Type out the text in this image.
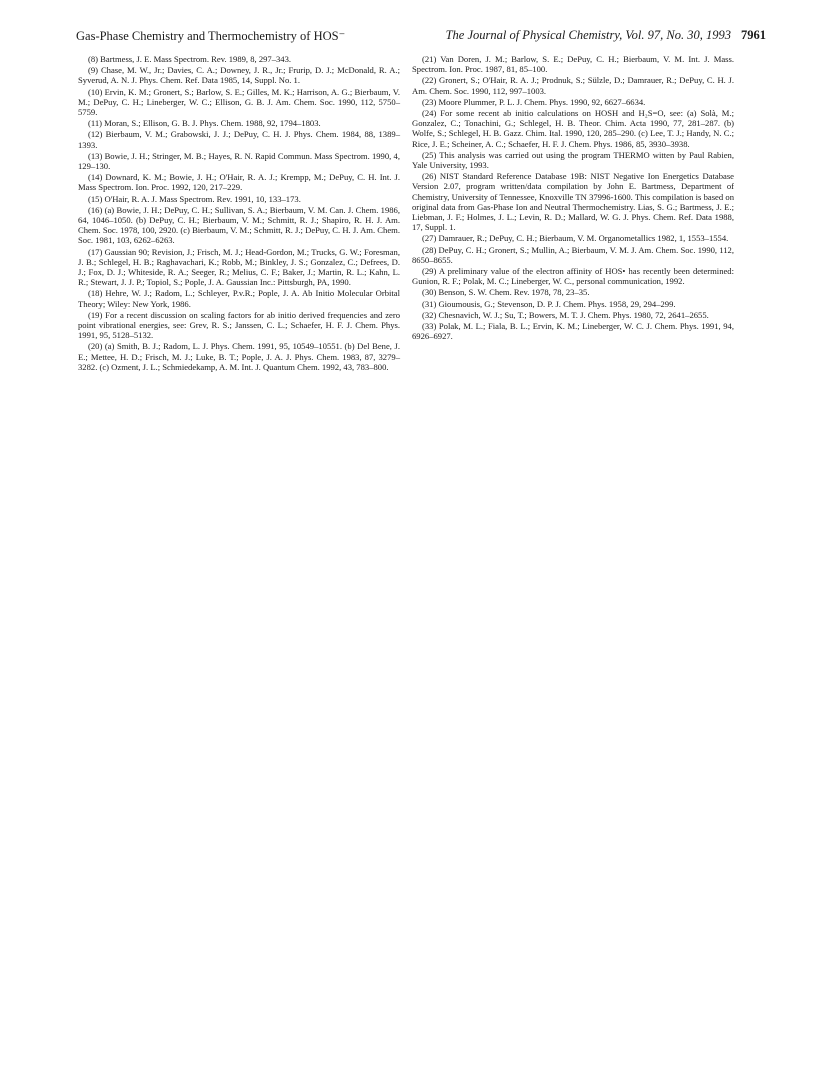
Gas-Phase Chemistry and Thermochemistry of HOS⁻	The Journal of Physical Chemistry, Vol. 97, No. 30, 1993 7961

(8) Bartmess, J. E. Mass Spectrom. Rev. 1989, 8, 297–343.

(9) Chase, M. W., Jr.; Davies, C. A.; Downey, J. R., Jr.; Frurip, D. J.; McDonald, R. A.; Syverud, A. N. J. Phys. Chem. Ref. Data 1985, 14, Suppl. No. 1.

(10) Ervin, K. M.; Gronert, S.; Barlow, S. E.; Gilles, M. K.; Harrison, A. G.; Bierbaum, V. M.; DePuy, C. H.; Lineberger, W. C.; Ellison, G. B. J. Am. Chem. Soc. 1990, 112, 5750–5759.

(11) Moran, S.; Ellison, G. B. J. Phys. Chem. 1988, 92, 1794–1803.

(12) Bierbaum, V. M.; Grabowski, J. J.; DePuy, C. H. J. Phys. Chem. 1984, 88, 1389–1393.

(13) Bowie, J. H.; Stringer, M. B.; Hayes, R. N. Rapid Commun. Mass Spectrom. 1990, 4, 129–130.

(14) Downard, K. M.; Bowie, J. H.; O'Hair, R. A. J.; Krempp, M.; DePuy, C. H. Int. J. Mass Spectrom. Ion. Proc. 1992, 120, 217–229.

(15) O'Hair, R. A. J. Mass Spectrom. Rev. 1991, 10, 133–173.

(16) (a) Bowie, J. H.; DePuy, C. H.; Sullivan, S. A.; Bierbaum, V. M. Can. J. Chem. 1986, 64, 1046–1050. (b) DePuy, C. H.; Bierbaum, V. M.; Schmitt, R. J.; Shapiro, R. H. J. Am. Chem. Soc. 1978, 100, 2920. (c) Bierbaum, V. M.; Schmitt, R. J.; DePuy, C. H. J. Am. Chem. Soc. 1981, 103, 6262–6263.

(17) Gaussian 90; Revision, J.; Frisch, M. J.; Head-Gordon, M.; Trucks, G. W.; Foresman, J. B.; Schlegel, H. B.; Raghavachari, K.; Robb, M.; Binkley, J. S.; Gonzalez, C.; Defrees, D. J.; Fox, D. J.; Whiteside, R. A.; Seeger, R.; Melius, C. F.; Baker, J.; Martin, R. L.; Kahn, L. R.; Stewart, J. J. P.; Topiol, S.; Pople, J. A. Gaussian Inc.: Pittsburgh, PA, 1990.

(18) Hehre, W. J.; Radom, L.; Schleyer, P.v.R.; Pople, J. A. Ab Initio Molecular Orbital Theory; Wiley: New York, 1986.

(19) For a recent discussion on scaling factors for ab initio derived frequencies and zero point vibrational energies, see: Grev, R. S.; Janssen, C. L.; Schaefer, H. F. J. Chem. Phys. 1991, 95, 5128–5132.

(20) (a) Smith, B. J.; Radom, L. J. Phys. Chem. 1991, 95, 10549–10551. (b) Del Bene, J. E.; Mettee, H. D.; Frisch, M. J.; Luke, B. T.; Pople, J. A. J. Phys. Chem. 1983, 87, 3279–3282. (c) Ozment, J. L.; Schmiedekamp, A. M. Int. J. Quantum Chem. 1992, 43, 783–800.

(21) Van Doren, J. M.; Barlow, S. E.; DePuy, C. H.; Bierbaum, V. M. Int. J. Mass. Spectrom. Ion. Proc. 1987, 81, 85–100.

(22) Gronert, S.; O'Hair, R. A. J.; Prodnuk, S.; Sülzle, D.; Damrauer, R.; DePuy, C. H. J. Am. Chem. Soc. 1990, 112, 997–1003.

(23) Moore Plummer, P. L. J. Chem. Phys. 1990, 92, 6627–6634.

(24) For some recent ab initio calculations on HOSH and H₂S=O, see: (a) Solà, M.; Gonzalez, C.; Tonachini, G.; Schlegel, H. B. Theor. Chim. Acta 1990, 77, 281–287. (b) Wolfe, S.; Schlegel, H. B. Gazz. Chim. Ital. 1990, 120, 285–290. (c) Lee, T. J.; Handy, N. C.; Rice, J. E.; Scheiner, A. C.; Schaefer, H. F. J. Chem. Phys. 1986, 85, 3930–3938.

(25) This analysis was carried out using the program THERMO witten by Paul Rabien, Yale University, 1993.

(26) NIST Standard Reference Database 19B: NIST Negative Ion Energetics Database Version 2.07, program written/data compilation by John E. Bartmess, Department of Chemistry, University of Tennessee, Knoxville TN 37996-1600. This compilation is based on original data from Gas-Phase Ion and Neutral Thermochemistry. Lias, S. G.; Bartmess, J. E.; Liebman, J. F.; Holmes, J. L.; Levin, R. D.; Mallard, W. G. J. Phys. Chem. Ref. Data 1988, 17, Suppl. 1.

(27) Damrauer, R.; DePuy, C. H.; Bierbaum, V. M. Organometallics 1982, 1, 1553–1554.

(28) DePuy, C. H.; Gronert, S.; Mullin, A.; Bierbaum, V. M. J. Am. Chem. Soc. 1990, 112, 8650–8655.

(29) A preliminary value of the electron affinity of HOS• has recently been determined: Gunion, R. F.; Polak, M. C.; Lineberger, W. C., personal communication, 1992.

(30) Benson, S. W. Chem. Rev. 1978, 78, 23–35.

(31) Gioumousis, G.; Stevenson, D. P. J. Chem. Phys. 1958, 29, 294–299.

(32) Chesnavich, W. J.; Su, T.; Bowers, M. T. J. Chem. Phys. 1980, 72, 2641–2655.

(33) Polak, M. L.; Fiala, B. L.; Ervin, K. M.; Lineberger, W. C. J. Chem. Phys. 1991, 94, 6926–6927.
